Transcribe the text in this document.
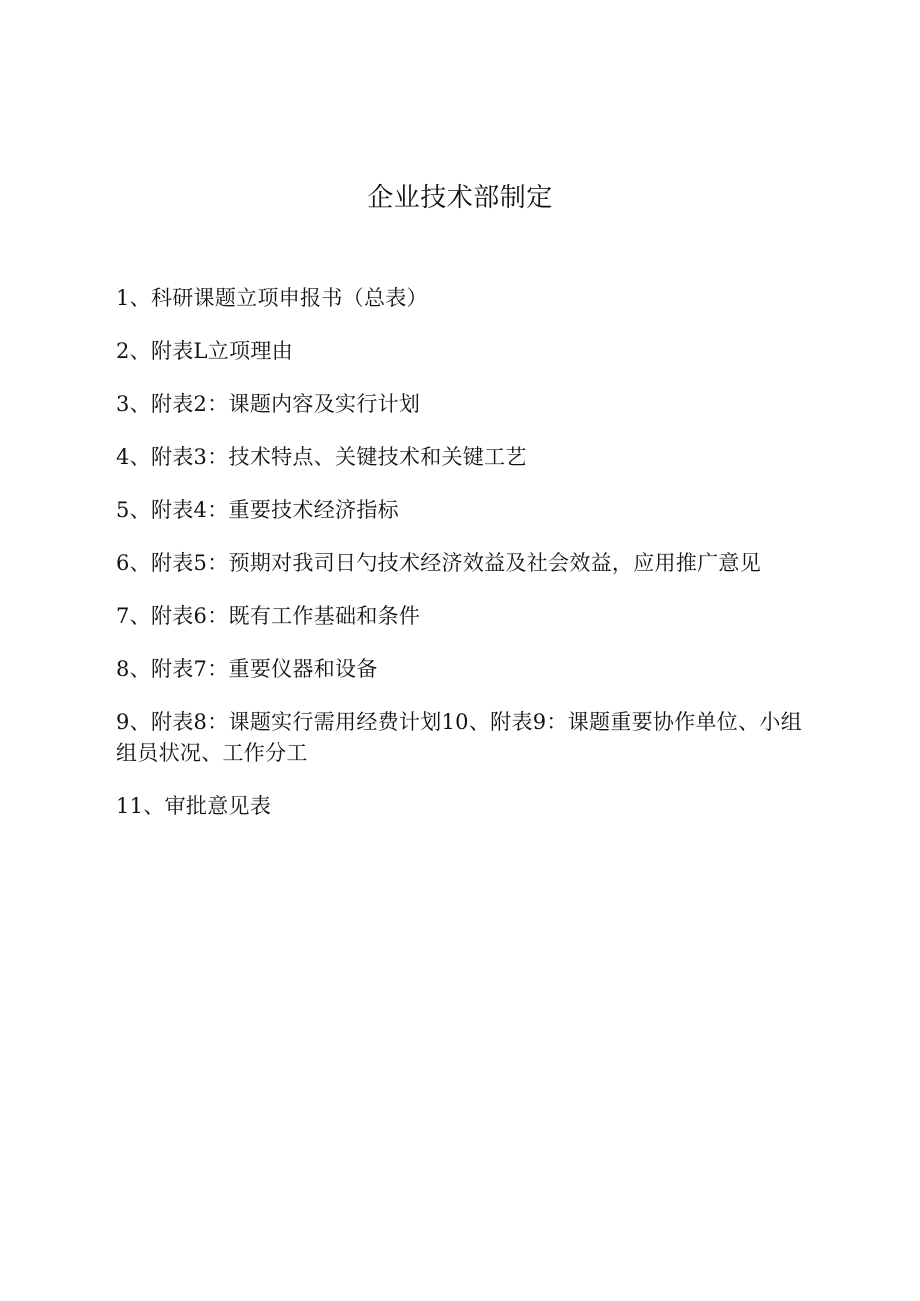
企业技术部制定
1、科研课题立项申报书（总表）
2、附表L立项理由
3、附表2：课题内容及实行计划
4、附表3：技术特点、关键技术和关键工艺
5、附表4：重要技术经济指标
6、附表5：预期对我司日勺技术经济效益及社会效益，应用推广意见
7、附表6：既有工作基础和条件
8、附表7：重要仪器和设备
9、附表8：课题实行需用经费计划10、附表9：课题重要协作单位、小组组员状况、工作分工
11、审批意见表
